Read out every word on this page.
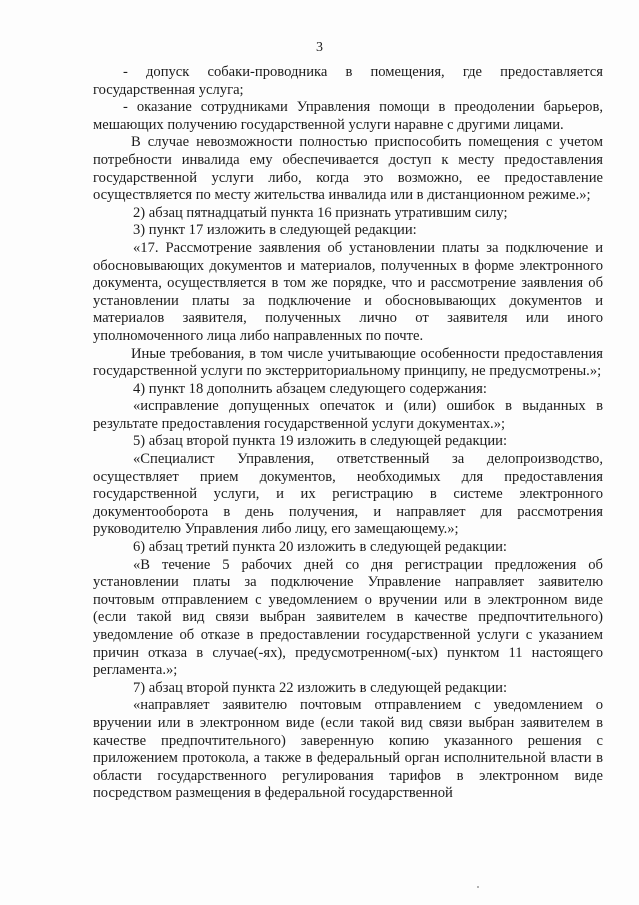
3

- допуск собаки-проводника в помещения, где предоставляется государственная услуга;

- оказание сотрудниками Управления помощи в преодолении барьеров, мешающих получению государственной услуги наравне с другими лицами.

В случае невозможности полностью приспособить помещения с учетом потребности инвалида ему обеспечивается доступ к месту предоставления государственной услуги либо, когда это возможно, ее предоставление осуществляется по месту жительства инвалида или в дистанционном режиме.»;

2) абзац пятнадцатый пункта 16 признать утратившим силу;

3) пункт 17 изложить в следующей редакции:

«17. Рассмотрение заявления об установлении платы за подключение и обосновывающих документов и материалов, полученных в форме электронного документа, осуществляется в том же порядке, что и рассмотрение заявления об установлении платы за подключение и обосновывающих документов и материалов заявителя, полученных лично от заявителя или иного уполномоченного лица либо направленных по почте.

Иные требования, в том числе учитывающие особенности предоставления государственной услуги по экстерриториальному принципу, не предусмотрены.»;

4) пункт 18 дополнить абзацем следующего содержания:

«исправление допущенных опечаток и (или) ошибок в выданных в результате предоставления государственной услуги документах.»;

5) абзац второй пункта 19 изложить в следующей редакции:

«Специалист Управления, ответственный за делопроизводство, осуществляет прием документов, необходимых для предоставления государственной услуги, и их регистрацию в системе электронного документооборота в день получения, и направляет для рассмотрения руководителю Управления либо лицу, его замещающему.»;

6) абзац третий пункта 20 изложить в следующей редакции:

«В течение 5 рабочих дней со дня регистрации предложения об установлении платы за подключение Управление направляет заявителю почтовым отправлением с уведомлением о вручении или в электронном виде (если такой вид связи выбран заявителем в качестве предпочтительного) уведомление об отказе в предоставлении государственной услуги с указанием причин отказа в случае(-ях), предусмотренном(-ых) пунктом 11 настоящего регламента.»;

7) абзац второй пункта 22 изложить в следующей редакции:

«направляет заявителю почтовым отправлением с уведомлением о вручении или в электронном виде (если такой вид связи выбран заявителем в качестве предпочтительного) заверенную копию указанного решения с приложением протокола, а также в федеральный орган исполнительной власти в области государственного регулирования тарифов в электронном виде посредством размещения в федеральной государственной
